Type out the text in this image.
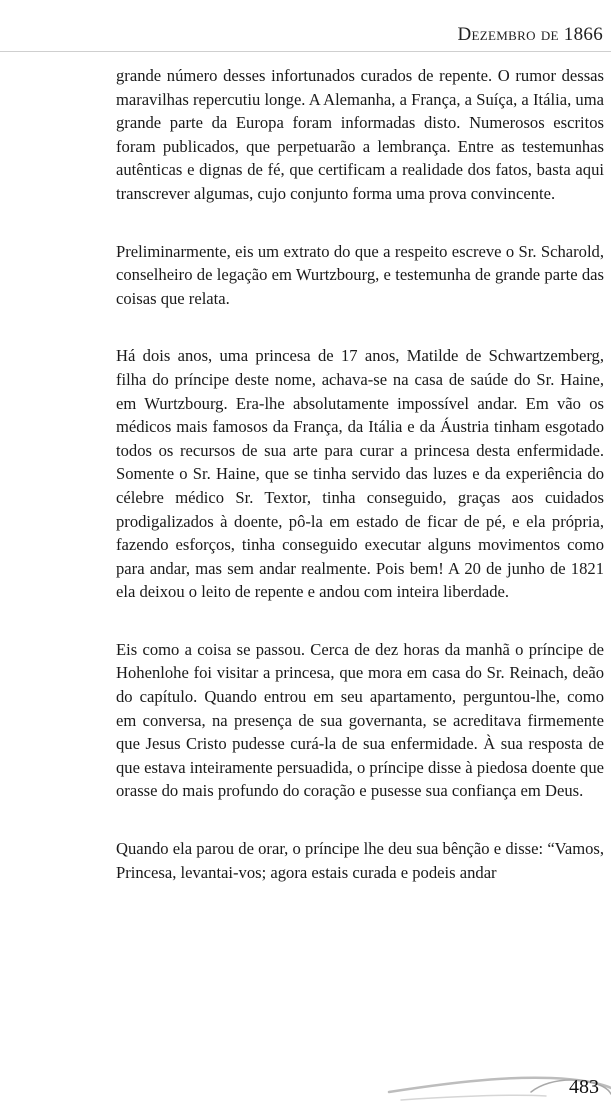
Dezembro de 1866

grande número desses infortunados curados de repente. O rumor dessas maravilhas repercutiu longe. A Alemanha, a França, a Suíça, a Itália, uma grande parte da Europa foram informadas disto. Numerosos escritos foram publicados, que perpetuarão a lembrança. Entre as testemunhas autênticas e dignas de fé, que certificam a realidade dos fatos, basta aqui transcrever algumas, cujo conjunto forma uma prova convincente.

Preliminarmente, eis um extrato do que a respeito escreve o Sr. Scharold, conselheiro de legação em Wurtzbourg, e testemunha de grande parte das coisas que relata.

Há dois anos, uma princesa de 17 anos, Matilde de Schwartzemberg, filha do príncipe deste nome, achava-se na casa de saúde do Sr. Haine, em Wurtzbourg. Era-lhe absolutamente impossível andar. Em vão os médicos mais famosos da França, da Itália e da Áustria tinham esgotado todos os recursos de sua arte para curar a princesa desta enfermidade. Somente o Sr. Haine, que se tinha servido das luzes e da experiência do célebre médico Sr. Textor, tinha conseguido, graças aos cuidados prodigalizados à doente, pô-la em estado de ficar de pé, e ela própria, fazendo esforços, tinha conseguido executar alguns movimentos como para andar, mas sem andar realmente. Pois bem! A 20 de junho de 1821 ela deixou o leito de repente e andou com inteira liberdade.

Eis como a coisa se passou. Cerca de dez horas da manhã o príncipe de Hohenlohe foi visitar a princesa, que mora em casa do Sr. Reinach, deão do capítulo. Quando entrou em seu apartamento, perguntou-lhe, como em conversa, na presença de sua governanta, se acreditava firmemente que Jesus Cristo pudesse curá-la de sua enfermidade. À sua resposta de que estava inteiramente persuadida, o príncipe disse à piedosa doente que orasse do mais profundo do coração e pusesse sua confiança em Deus.

Quando ela parou de orar, o príncipe lhe deu sua bênção e disse: “Vamos, Princesa, levantai-vos; agora estais curada e podeis andar

483
